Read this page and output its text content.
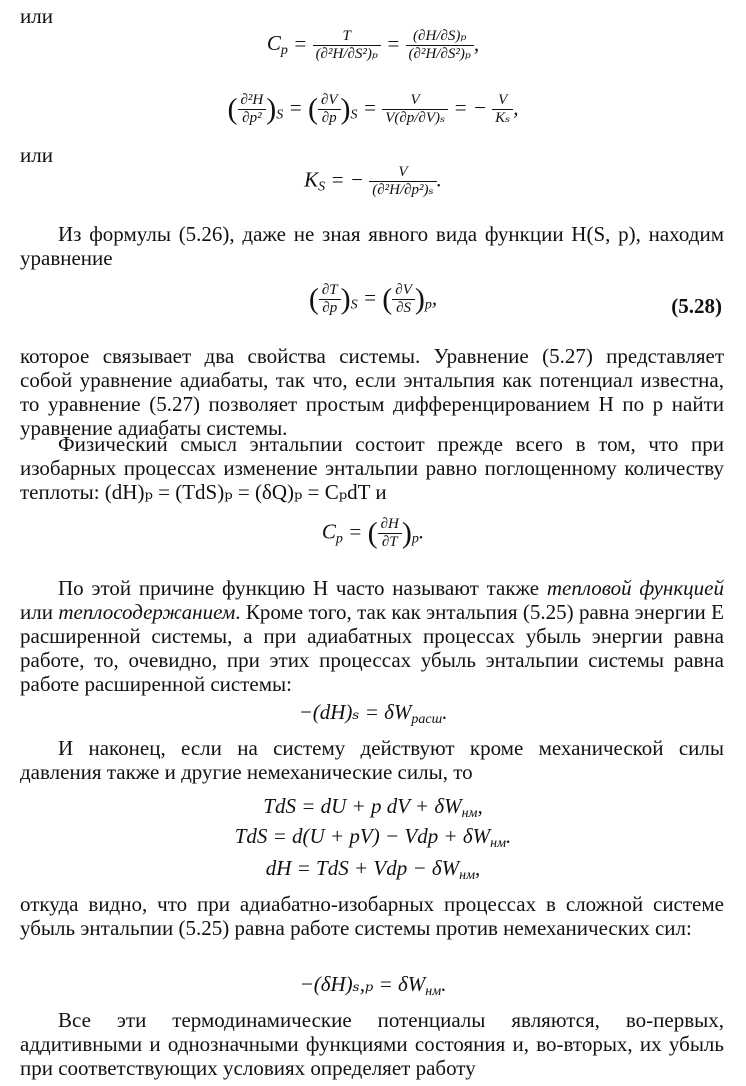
или
$C_p = \frac{T}{\text{(∂²H/∂S²)ₚ}} = \frac{\text{(∂H/∂S)ₚ}}{\text{(∂²H/∂S²)ₚ}}$ ,
( $\frac{\text{∂²H}}{\text{∂p²}} )_S$ = ( $\frac{\partial V}{\partial p} )_S = \frac{V}{\text{V(∂p/∂V)ₛ}}$ = − $\frac{V}{\text{Kₛ}}$ ,
или
$K_S$ = − $\frac{V}{\text{(∂²H/∂p²)ₛ}}$ .

Из формулы (5.26), даже не зная явного вида функции H(S, p), находим уравнение

( $\frac{\partial T}{\partial p} )_S$ = ( $\frac{\partial V}{\partial S} )_p$,	(5.28)

которое связывает два свойства системы. Уравнение (5.27) представляет собой уравнение адиабаты, так что, если энтальпия как потенциал известна, то уравнение (5.27) позволяет простым дифференцированием H по p найти уравнение адиабаты системы.

Физический смысл энтальпии состоит прежде всего в том, что при изобарных процессах изменение энтальпии равно поглощенному количеству теплоты: (dH)ₚ = (TdS)ₚ = (δQ)ₚ = CₚdT и

$C_p$ = ( $\frac{\partial H}{\partial T} )_p$.

По этой причине функцию H часто называют также тепловой функцией или теплосодержанием. Кроме того, так как энтальпия (5.25) равна энергии E расширенной системы, а при адиабатных процессах убыль энергии равна работе, то, очевидно, при этих процессах убыль энтальпии системы равна работе расширенной системы:

$-(dH)_s = \delta W_{расш}$.

И наконец, если на систему действуют кроме механической силы давления также и другие немеханические силы, то

TdS = dU + p dV + $\delta W_{нм}$,
TdS = d(U + pV) − Vdp + $\delta W_{нм}$.
dH = TdS + Vdp − $\delta W_{нм}$,

откуда видно, что при адиабатно-изобарных процессах в сложной системе убыль энтальпии (5.25) равна работе системы против немеханических сил:

$-(\delta H)_s,_p = \delta W_{нм}$.

Все эти термодинамические потенциалы являются, во-первых, аддитивными и однозначными функциями состояния и, во-вторых, их убыль при соответствующих условиях определяет работу
